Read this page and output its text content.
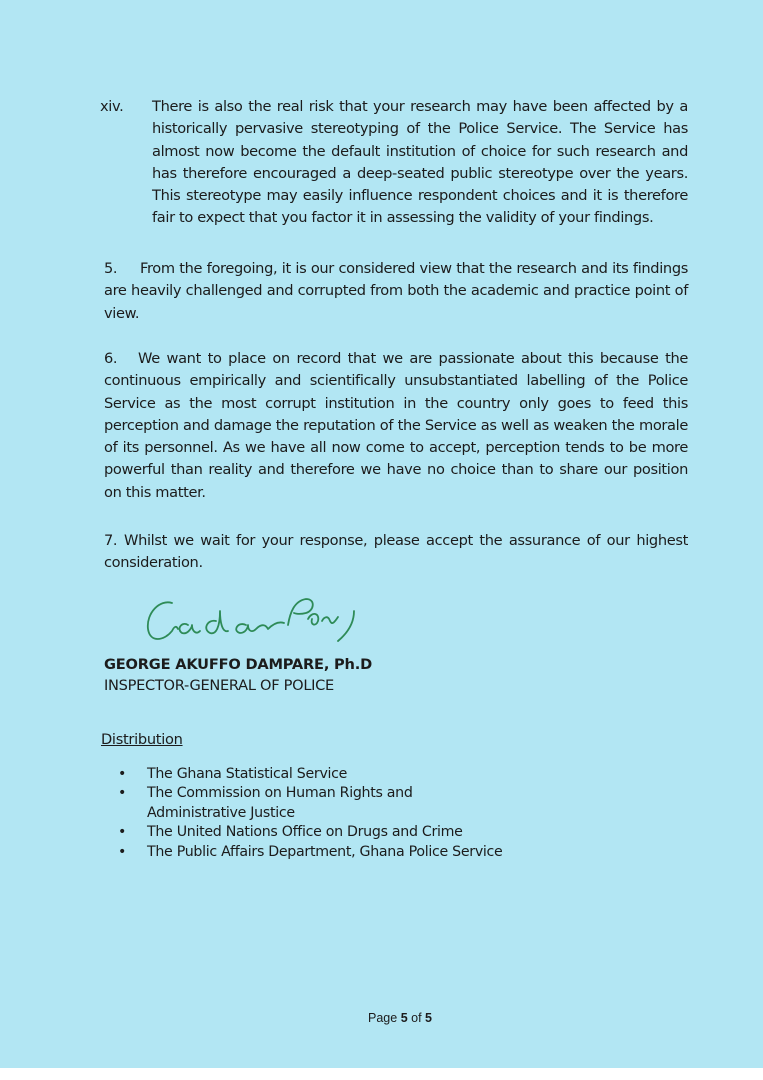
xiv. There is also the real risk that your research may have been affected by a historically pervasive stereotyping of the Police Service. The Service has almost now become the default institution of choice for such research and has therefore encouraged a deep-seated public stereotype over the years. This stereotype may easily influence respondent choices and it is therefore fair to expect that you factor it in assessing the validity of your findings.
5. From the foregoing, it is our considered view that the research and its findings are heavily challenged and corrupted from both the academic and practice point of view.
6. We want to place on record that we are passionate about this because the continuous empirically and scientifically unsubstantiated labelling of the Police Service as the most corrupt institution in the country only goes to feed this perception and damage the reputation of the Service as well as weaken the morale of its personnel. As we have all now come to accept, perception tends to be more powerful than reality and therefore we have no choice than to share our position on this matter.
7. Whilst we wait for your response, please accept the assurance of our highest consideration.
GEORGE AKUFFO DAMPARE, Ph.D
INSPECTOR-GENERAL OF POLICE
Distribution
• The Ghana Statistical Service
• The Commission on Human Rights and Administrative Justice
• The United Nations Office on Drugs and Crime
• The Public Affairs Department, Ghana Police Service
Page 5 of 5
